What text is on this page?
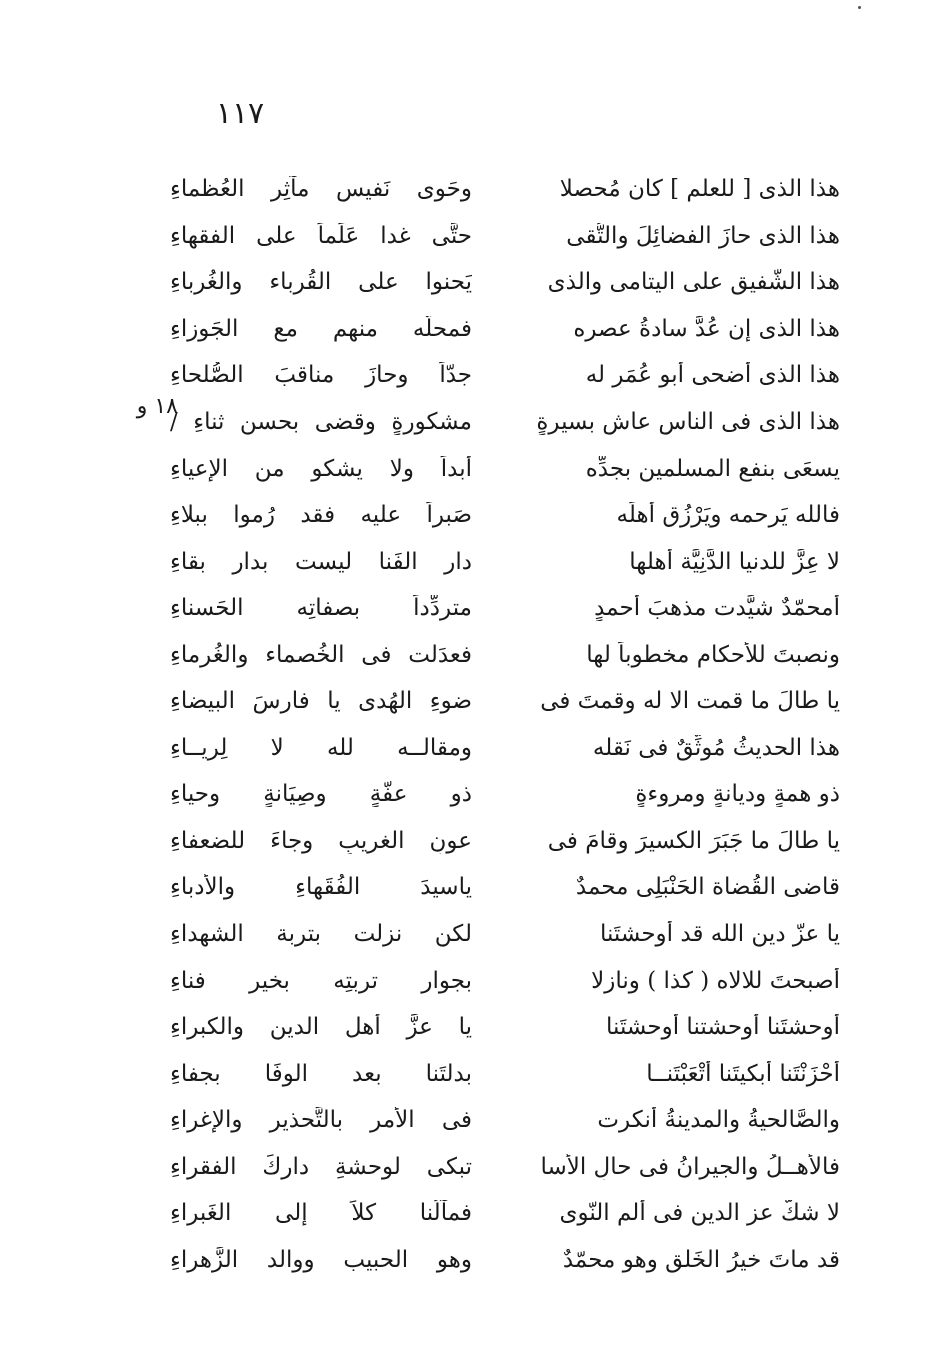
١١٧
١٨ و
هذا الذى [ للعلم ] كان مُحصلا
وحَوى نَفيس مآثِرِ العُظماءِ
هذا الذى حازَ الفضائِلَ والتُّقى
حتَّى غدا عَلَماً على الفقهاءِ
هذا الشَّفيق على اليتامى والذى
يَحنوا على القُرباء والغُرباءِ
هذا الذى إن عُدَّ سادةُ عصرِه
فمحلّه منهم مع الجَوزاءِ
هذا الذى أضحى أبو عُمَرٍ له
جدّاً وحازَ مناقبَ الصُّلحاءِ
هذا الذى فى الناس عاش بسيرةٍ
مشكورةٍ وقضى بحسنِ ثناءِ /
يسعَى بنفع المسلمين بجدِّه
أبداً ولا يشكو من الإعياءِ
فالله يَرحمه ويَرْزُق أهلَه
صَبراً عليه فقد رُموا ببلاءِ
لا عِزَّ للدنيا الدَّنِيَّة أهلها
دار الفَنا ليست بدار بقاءِ
أمحمّدٌ شيَّدت مذهبَ أحمدٍ
متردِّداً بصفاتِه الحَسناءِ
ونصبتَ للأحكامِ مخطوباً لها
فعدَلت فى الخُصماء والغُرماءِ
يا طالَ ما قمت الا له وقمتَ فى
ضوءِ الهُدى يا فارسَ البيضاءِ
هذا الحديثُ مُوثِّقٌ فى نَقله
ومقالــه لله لا لِريــاءِ
ذو همةٍ وديانةٍ ومروءةٍ
ذو عفَّةٍ وصِيَانةٍ وحياءِ
يا طالَ ما جَبَرَ الكسيرَ وقامَ فى
عونِ الغريبِ وجاءَ للضعفاءِ
قاضى القُضاة الحَنْبَلِى محمدٌ
ياسيدَ الفُقَهاءِ والأُدباءِ
يا عزّ دينِ الله قد أوحشتَنا
لكن نزلت بتربة الشهداءِ
أصبحتَ للالاه ( كذا ) ونازلا
بجوار تربتِه بخير فناءِ
أوحشتَنا أوحشتنا أوحشتَنا
يا عزَّ أهل الدين والكبراءِ
أحْزَنْتَنا أبكيتَنا أتْعَبْتَنــا
بدلتَنا بعد الوفَا بجفاءِ
والصَّالحيةُ والمدينةُ أنكرت
فى الأمرِ بالتَّحذير والإغراءِ
فالأهــلُ والجيرانُ فى حالِ الأسا
تبكى لوحشةِ دارِكَ الفقراءِ
لا شكَّ عز الدين فى ألم النّوى
فمآلُنا كلاً إلى الغَبراءِ
قد ماتَ خيرُ الخَلقِ وهو محمّدٌ
وهو الحبيب ووالد الزَّهراءِ
